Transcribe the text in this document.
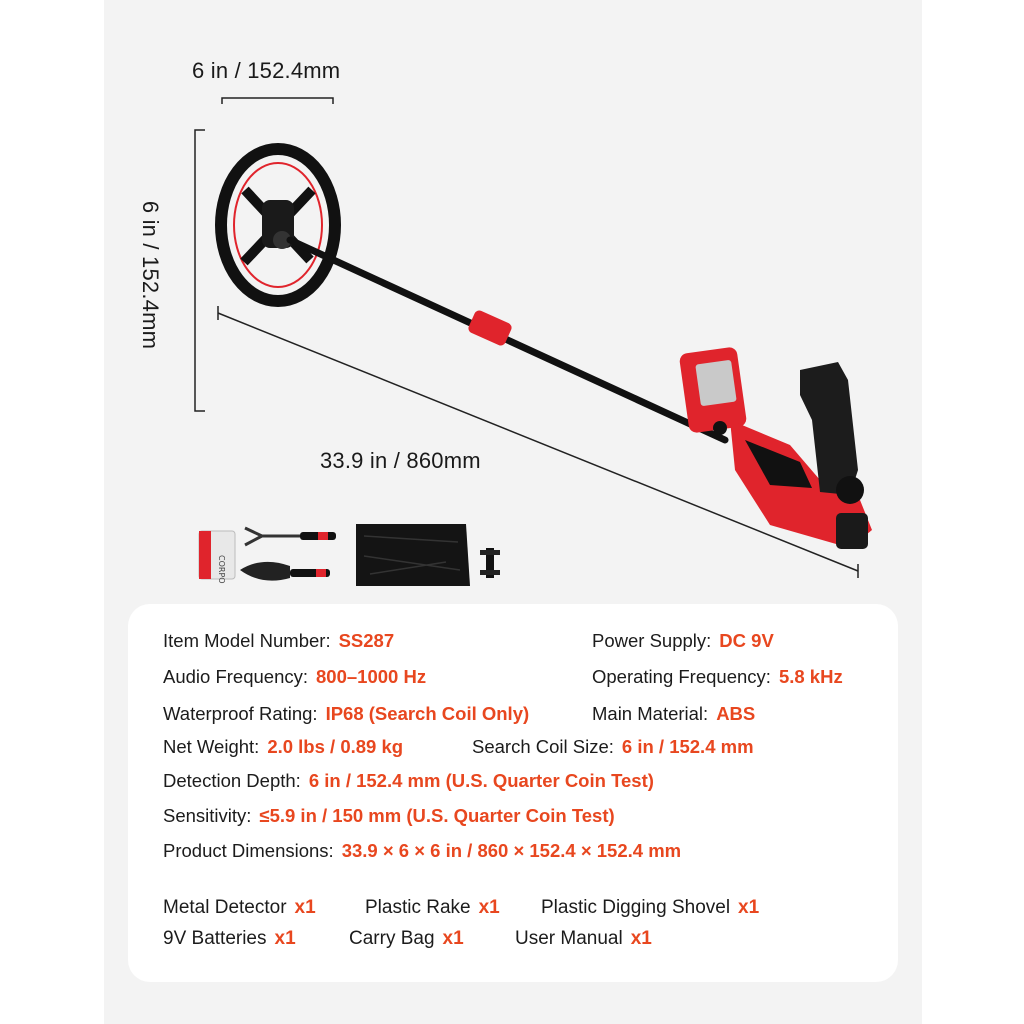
6 in / 152.4mm
6 in / 152.4mm
33.9 in / 860mm
CORPO
Item Model Number: SS287	Power Supply: DC 9V
Audio Frequency: 800–1000 Hz	Operating Frequency: 5.8 kHz
Waterproof Rating: IP68 (Search Coil Only)	Main Material: ABS
Net Weight: 2.0 lbs / 0.89 kg	Search Coil Size: 6 in / 152.4 mm
Detection Depth: 6 in / 152.4 mm (U.S. Quarter Coin Test)
Sensitivity: ≤5.9 in / 150 mm (U.S. Quarter Coin Test)
Product Dimensions: 33.9 × 6 × 6 in / 860 × 152.4 × 152.4 mm
Metal Detector x1	Plastic Rake x1 Plastic Digging Shovel x1
9V Batteries x1	Carry Bag x1	User Manual x1
